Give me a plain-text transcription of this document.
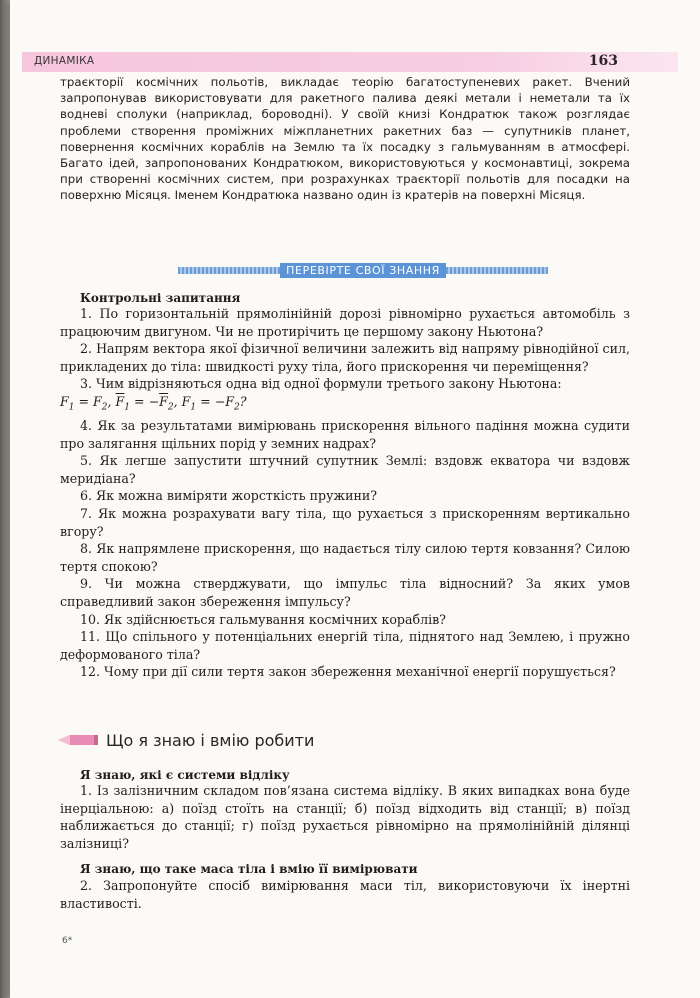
ДИНАМІКА	163
траєкторії космічних польотів, викладає теорію багатоступеневих ракет. Вчений запропонував використовувати для ракетного палива деякі метали і неметали та їх водневі сполуки (наприклад, бороводні). У своїй книзі Кондратюк також розглядає проблеми створення проміжних міжпланетних ракетних баз — супутників планет, повернення космічних кораблів на Землю та їх посадку з гальмуванням в атмосфері. Багато ідей, запропонованих Кондратюком, використовуються у космонавтиці, зокрема при створенні космічних систем, при розрахунках траєкторії польотів для посадки на поверхню Місяця. Іменем Кондратюка названо один із кратерів на поверхні Місяця.
ПЕРЕВІРТЕ СВОЇ ЗНАННЯ
Контрольні запитання

1. По горизонтальній прямолінійній дорозі рівномірно рухається автомобіль з працюючим двигуном. Чи не протирічить це першому закону Ньютона?

2. Напрям вектора якої фізичної величини залежить від напряму рівнодійної сил, прикладених до тіла: швидкості руху тіла, його прискорення чи переміщення?

3. Чим відрізняються одна від одної формули третього закону Ньютона:

$F_1 = F_2$, $\overline{F}_1 = -\overline{F}_2$, $F_1 = -F_2$?

4. Як за результатами вимірювань прискорення вільного падіння можна судити про залягання щільних порід у земних надрах?

5. Як легше запустити штучний супутник Землі: вздовж екватора чи вздовж меридіана?

6. Як можна виміряти жорсткість пружини?

7. Як можна розрахувати вагу тіла, що рухається з прискоренням вертикально вгору?

8. Як напрямлене прискорення, що надається тілу силою тертя ковзання? Силою тертя спокою?

9. Чи можна стверджувати, що імпульс тіла відносний? За яких умов справедливий закон збереження імпульсу?

10. Як здійснюється гальмування космічних кораблів?

11. Що спільного у потенціальних енергій тіла, піднятого над Землею, і пружно деформованого тіла?

12. Чому при дії сили тертя закон збереження механічної енергії порушується?

Що я знаю і вмію робити
Я знаю, які є системи відліку
1. Із залізничним складом пов’язана система відліку. В яких випадках вона буде інерціальною: а) поїзд стоїть на станції; б) поїзд відходить від станції; в) поїзд наближається до станції; г) поїзд рухається рівномірно на прямолінійній ділянці залізниці?
Я знаю, що таке маса тіла і вмію її вимірювати
2. Запропонуйте спосіб вимірювання маси тіл, використовуючи їх інертні властивості.
6*
